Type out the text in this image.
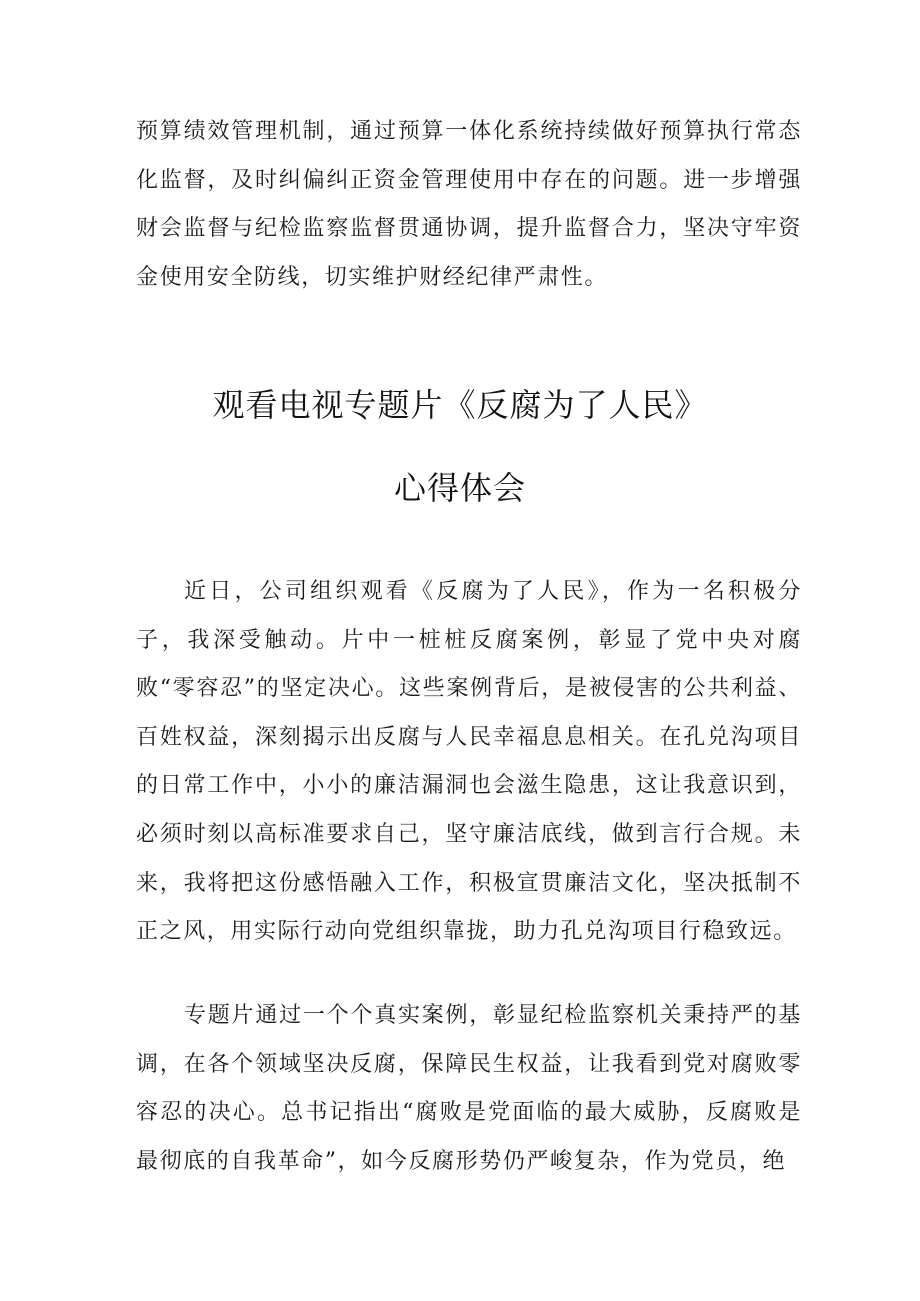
预算绩效管理机制，通过预算一体化系统持续做好预算执行常态化监督，及时纠偏纠正资金管理使用中存在的问题。进一步增强财会监督与纪检监察监督贯通协调，提升监督合力，坚决守牢资金使用安全防线，切实维护财经纪律严肃性。

观看电视专题片《反腐为了人民》
心得体会

近日，公司组织观看《反腐为了人民》，作为一名积极分子，我深受触动。片中一桩桩反腐案例，彰显了党中央对腐败“零容忍”的坚定决心。这些案例背后，是被侵害的公共利益、百姓权益，深刻揭示出反腐与人民幸福息息相关。在孔兑沟项目的日常工作中，小小的廉洁漏洞也会滋生隐患，这让我意识到，必须时刻以高标准要求自己，坚守廉洁底线，做到言行合规。未来，我将把这份感悟融入工作，积极宣贯廉洁文化，坚决抵制不正之风，用实际行动向党组织靠拢，助力孔兑沟项目行稳致远。

专题片通过一个个真实案例，彰显纪检监察机关秉持严的基调，在各个领域坚决反腐，保障民生权益，让我看到党对腐败零容忍的决心。总书记指出“腐败是党面临的最大威胁，反腐败是最彻底的自我革命”，如今反腐形势仍严峻复杂，作为党员，绝
